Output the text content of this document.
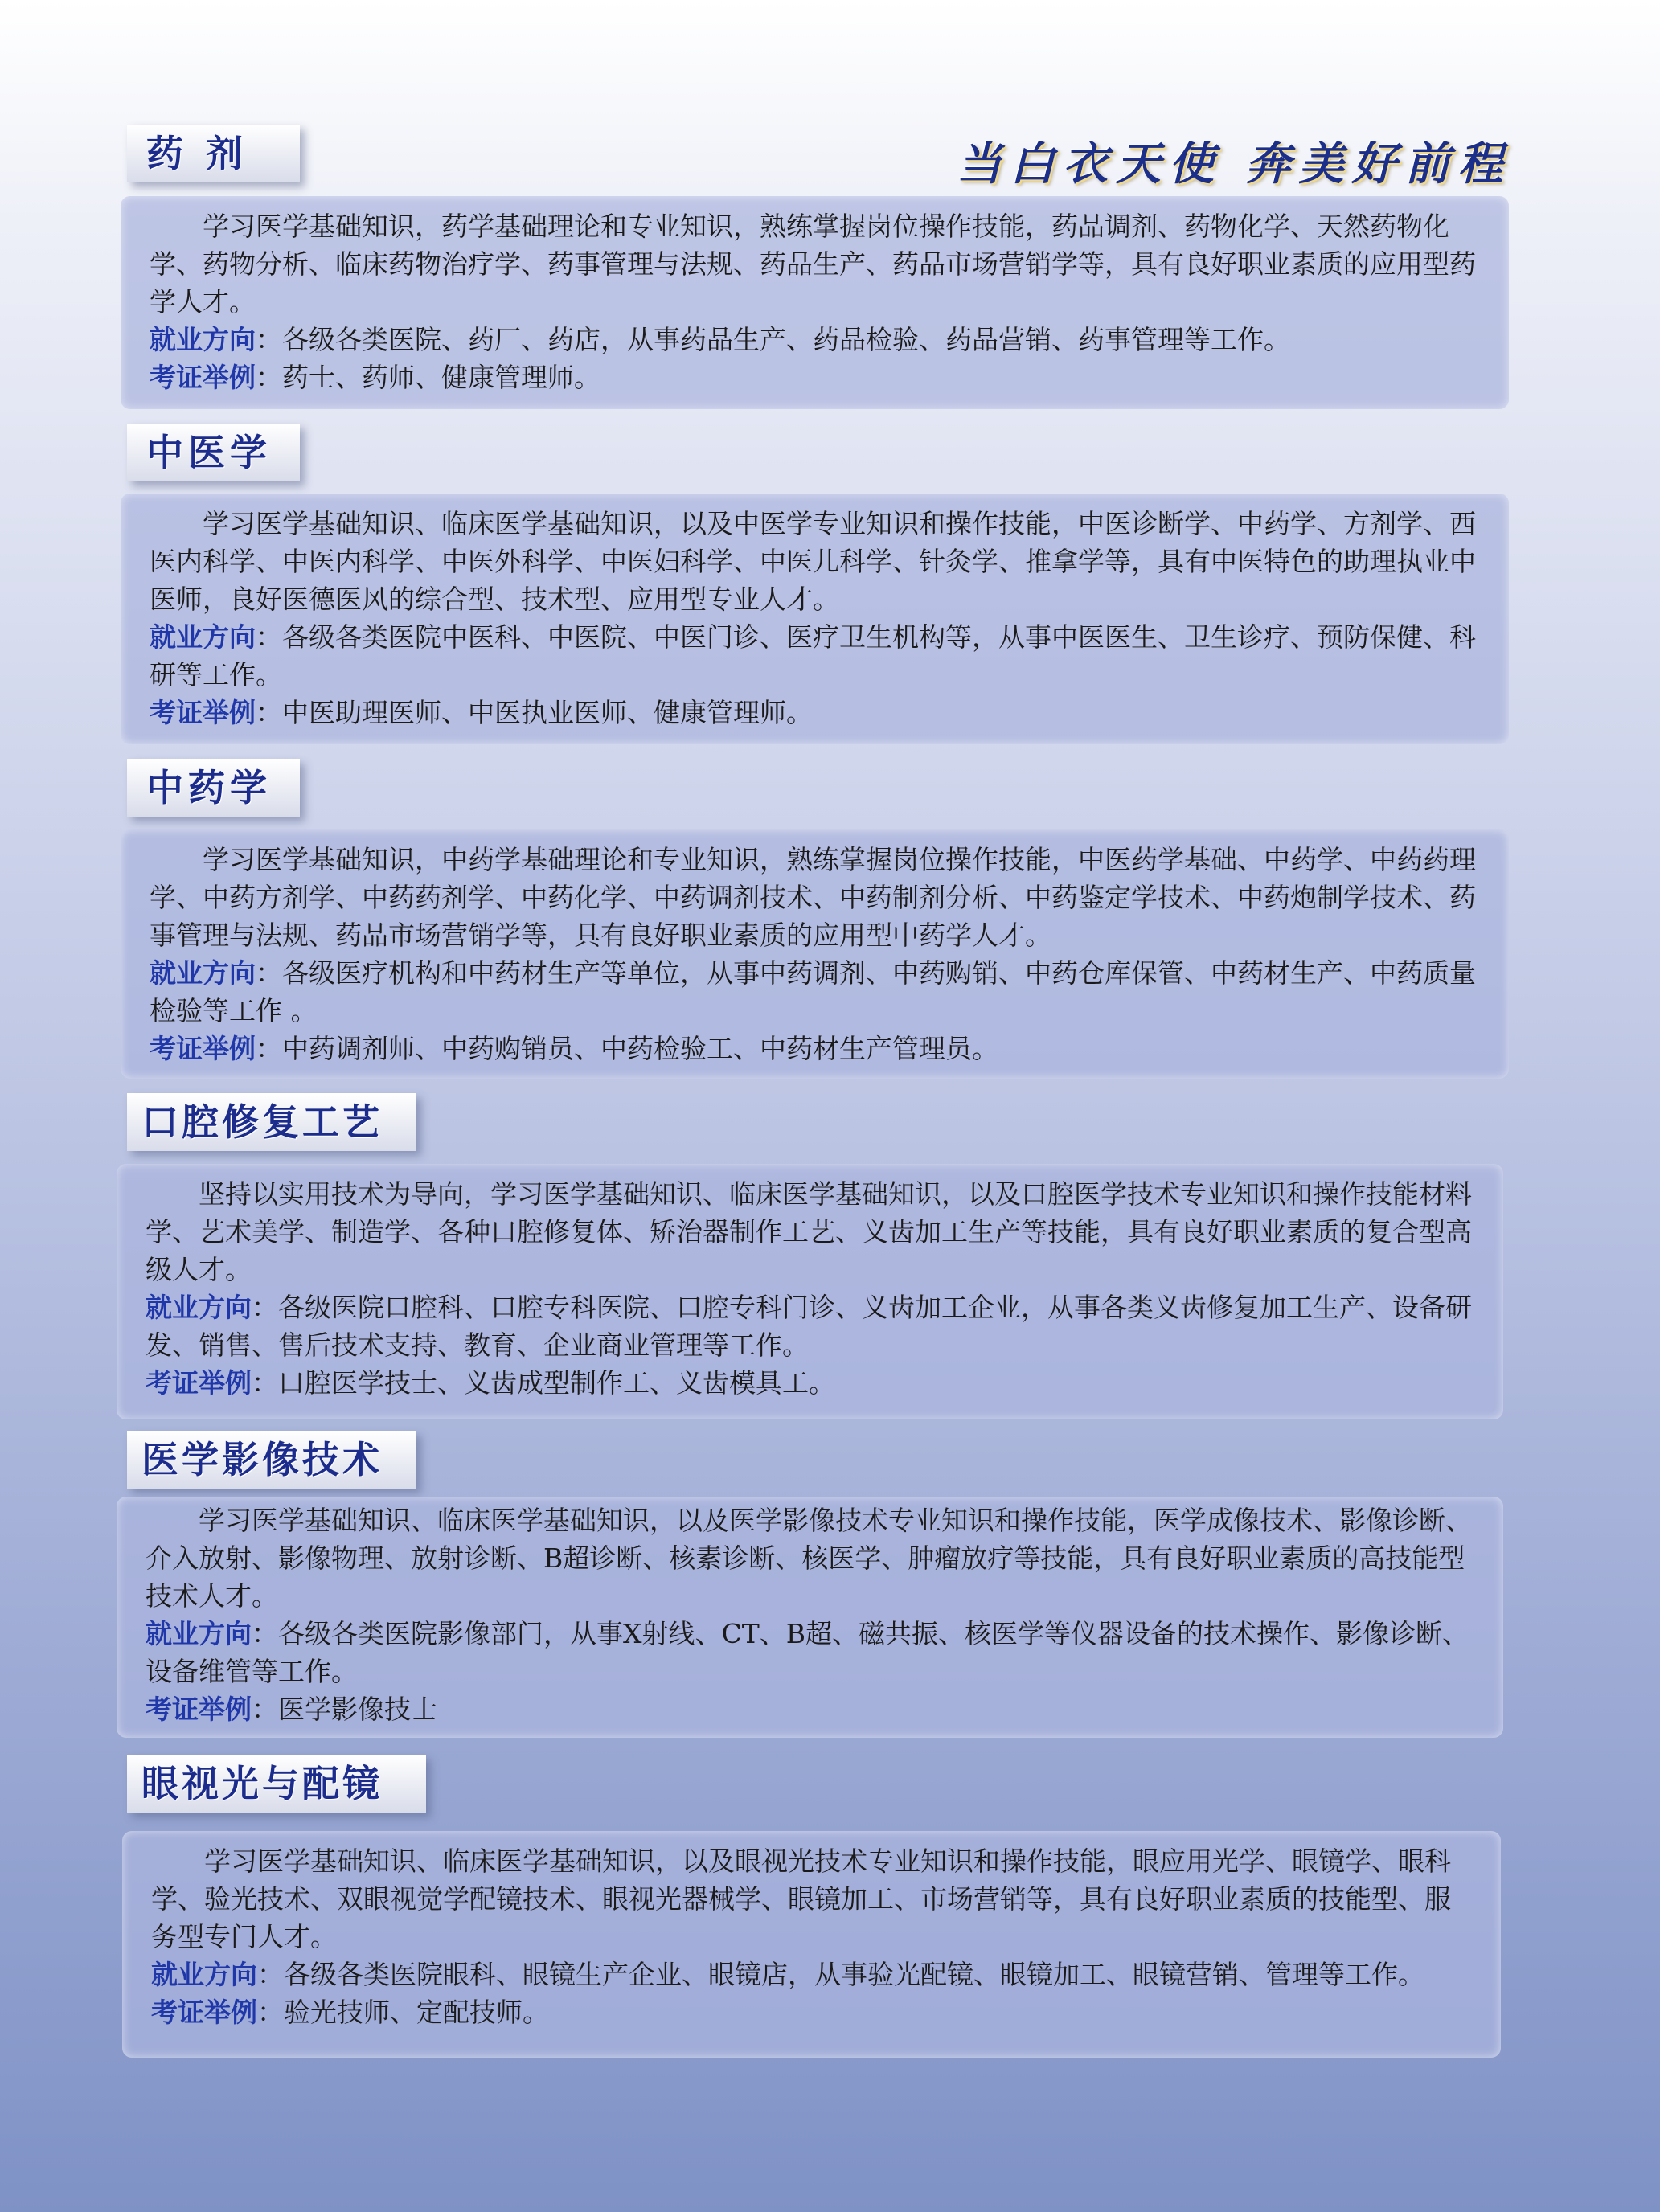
当白衣天使 奔美好前程
药 剂

学习医学基础知识，药学基础理论和专业知识，熟练掌握岗位操作技能，药品调剂、药物化学、天然药物化学、药物分析、临床药物治疗学、药事管理与法规、药品生产、药品市场营销学等，具有良好职业素质的应用型药学人才。

就业方向：各级各类医院、药厂、药店，从事药品生产、药品检验、药品营销、药事管理等工作。

考证举例：药士、药师、健康管理师。

中医学

学习医学基础知识、临床医学基础知识，以及中医学专业知识和操作技能，中医诊断学、中药学、方剂学、西医内科学、中医内科学、中医外科学、中医妇科学、中医儿科学、针灸学、推拿学等，具有中医特色的助理执业中医师，良好医德医风的综合型、技术型、应用型专业人才。

就业方向：各级各类医院中医科、中医院、中医门诊、医疗卫生机构等，从事中医医生、卫生诊疗、预防保健、科研等工作。

考证举例：中医助理医师、中医执业医师、健康管理师。

中药学

学习医学基础知识，中药学基础理论和专业知识，熟练掌握岗位操作技能，中医药学基础、中药学、中药药理学、中药方剂学、中药药剂学、中药化学、中药调剂技术、中药制剂分析、中药鉴定学技术、中药炮制学技术、药事管理与法规、药品市场营销学等，具有良好职业素质的应用型中药学人才。

就业方向：各级医疗机构和中药材生产等单位，从事中药调剂、中药购销、中药仓库保管、中药材生产、中药质量检验等工作 。

考证举例：中药调剂师、中药购销员、中药检验工、中药材生产管理员。

口腔修复工艺

坚持以实用技术为导向，学习医学基础知识、临床医学基础知识，以及口腔医学技术专业知识和操作技能材料学、艺术美学、制造学、各种口腔修复体、矫治器制作工艺、义齿加工生产等技能，具有良好职业素质的复合型高级人才。

就业方向：各级医院口腔科、口腔专科医院、口腔专科门诊、义齿加工企业，从事各类义齿修复加工生产、设备研发、销售、售后技术支持、教育、企业商业管理等工作。

考证举例：口腔医学技士、义齿成型制作工、义齿模具工。

医学影像技术

学习医学基础知识、临床医学基础知识，以及医学影像技术专业知识和操作技能，医学成像技术、影像诊断、介入放射、影像物理、放射诊断、B超诊断、核素诊断、核医学、肿瘤放疗等技能，具有良好职业素质的高技能型技术人才。

就业方向：各级各类医院影像部门，从事X射线、CT、B超、磁共振、核医学等仪器设备的技术操作、影像诊断、设备维管等工作。

考证举例：医学影像技士

眼视光与配镜

学习医学基础知识、临床医学基础知识，以及眼视光技术专业知识和操作技能，眼应用光学、眼镜学、眼科学、验光技术、双眼视觉学配镜技术、眼视光器械学、眼镜加工、市场营销等，具有良好职业素质的技能型、服务型专门人才。

就业方向：各级各类医院眼科、眼镜生产企业、眼镜店，从事验光配镜、眼镜加工、眼镜营销、管理等工作。

考证举例：验光技师、定配技师。
